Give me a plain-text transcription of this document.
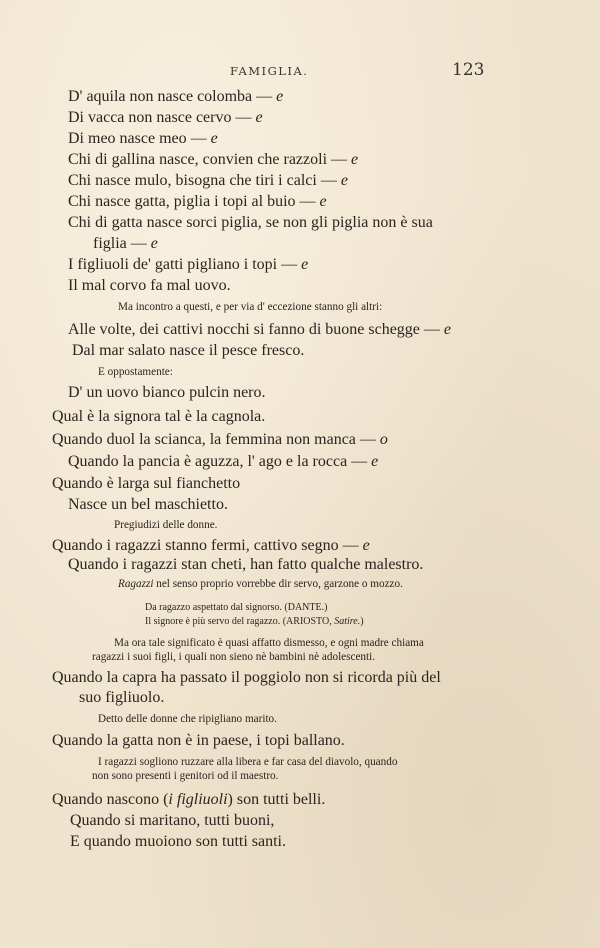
FAMIGLIA.	123
D' aquila non nasce colomba — e
Di vacca non nasce cervo — e
Di meo nasce meo — e
Chi di gallina nasce, convien che razzoli — e
Chi nasce mulo, bisogna che tiri i calci — e
Chi nasce gatta, piglia i topi al buio — e
Chi di gatta nasce sorci piglia, se non gli piglia non è sua
figlia — e
I figliuoli de' gatti pigliano i topi — e
Il mal corvo fa mal uovo.
Ma incontro a questi, e per via d' eccezione stanno gli altri:
Alle volte, dei cattivi nocchi si fanno di buone schegge — e
Dal mar salato nasce il pesce fresco.
E oppostamente:
D' un uovo bianco pulcin nero.
Qual è la signora tal è la cagnola.
Quando duol la scianca, la femmina non manca — o
Quando la pancia è aguzza, l' ago e la rocca — e
Quando è larga sul fianchetto
Nasce un bel maschietto.
Pregiudizi delle donne.
Quando i ragazzi stanno fermi, cattivo segno — e
Quando i ragazzi stan cheti, han fatto qualche malestro.
Ragazzi nel senso proprio vorrebbe dir servo, garzone o mozzo.
Da ragazzo aspettato dal signorso. (DANTE.)
Il signore è più servo del ragazzo. (ARIOSTO, Satire.)
Ma ora tale significato è quasi affatto dismesso, e ogni madre chiama
ragazzi i suoi figli, i quali non sieno nè bambini nè adolescenti.
Quando la capra ha passato il poggiolo non si ricorda più del
suo figliuolo.
Detto delle donne che ripigliano marito.
Quando la gatta non è in paese, i topi ballano.
I ragazzi sogliono ruzzare alla libera e far casa del diavolo, quando
non sono presenti i genitori od il maestro.
Quando nascono (i figliuoli) son tutti belli.
Quando si maritano, tutti buoni,
E quando muoiono son tutti santi.
